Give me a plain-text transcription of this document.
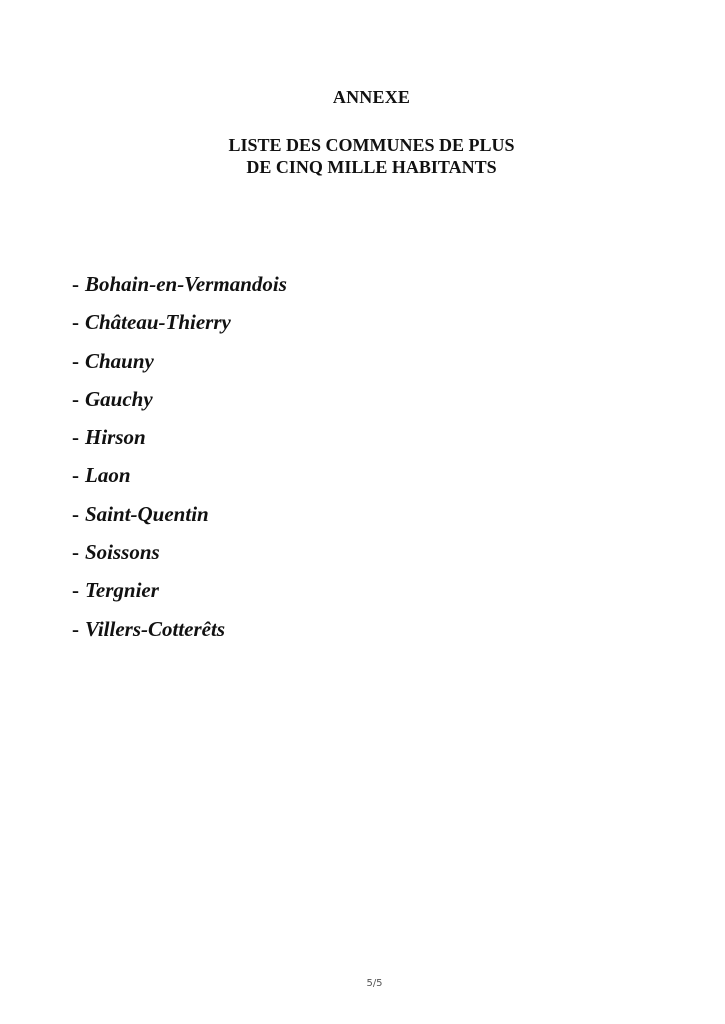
ANNEXE
LISTE DES COMMUNES DE PLUS
DE CINQ MILLE HABITANTS
- Bohain-en-Vermandois
- Château-Thierry
- Chauny
- Gauchy
- Hirson
- Laon
- Saint-Quentin
- Soissons
- Tergnier
- Villers-Cotterêts
5/5
